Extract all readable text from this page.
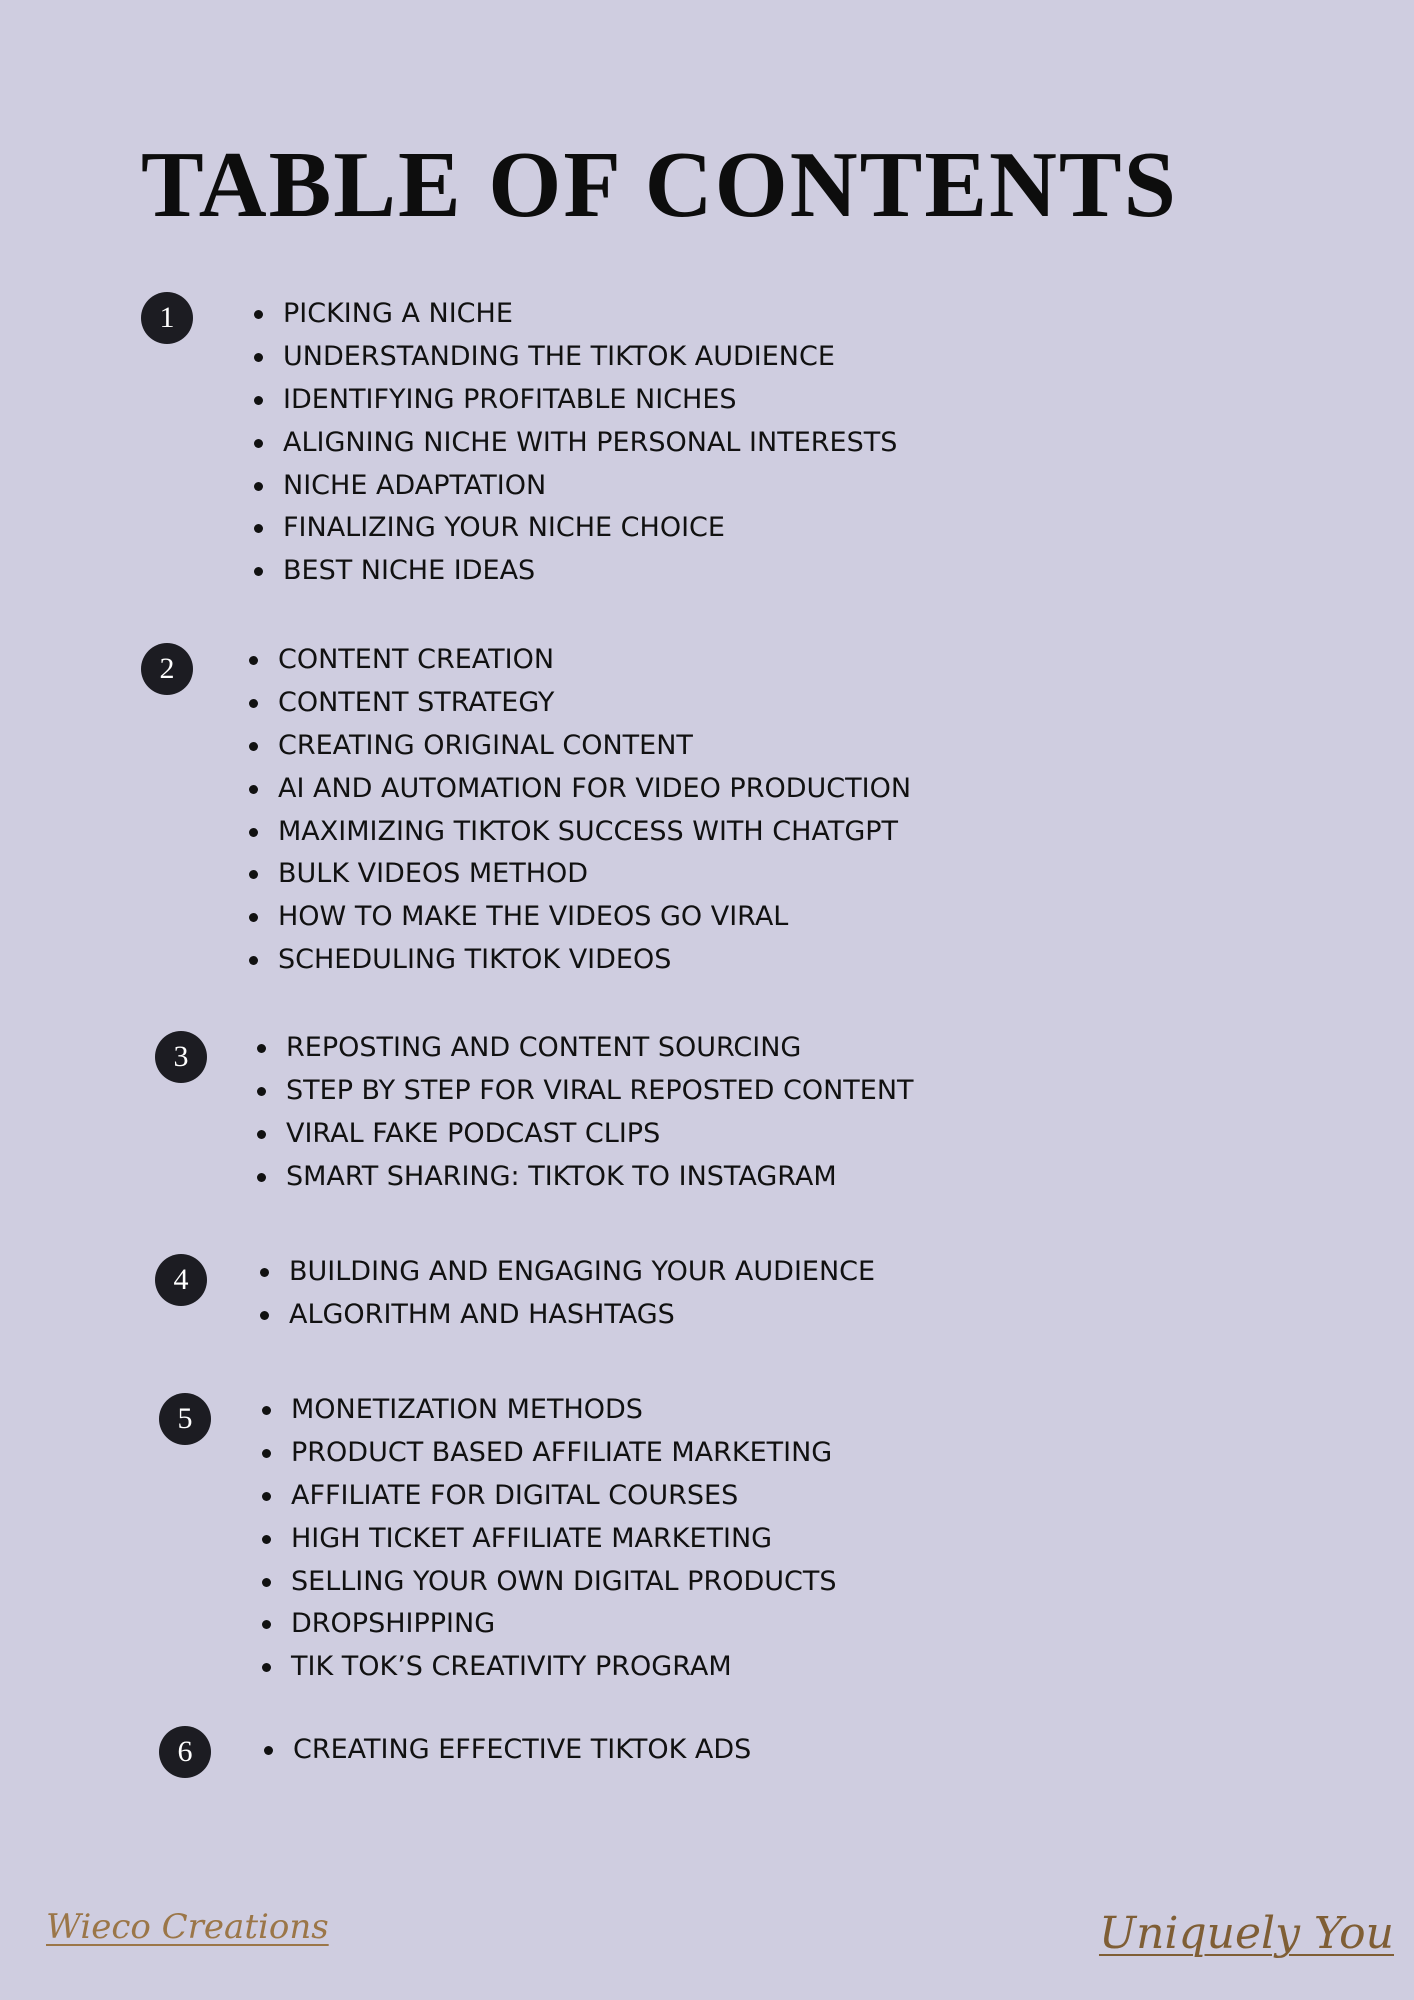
TABLE OF CONTENTS
1	PICKING A NICHE
UNDERSTANDING THE TIKTOK AUDIENCE
IDENTIFYING PROFITABLE NICHES
ALIGNING NICHE WITH PERSONAL INTERESTS
NICHE ADAPTATION
FINALIZING YOUR NICHE CHOICE
BEST NICHE IDEAS
2	CONTENT CREATION
CONTENT STRATEGY
CREATING ORIGINAL CONTENT
AI AND AUTOMATION FOR VIDEO PRODUCTION
MAXIMIZING TIKTOK SUCCESS WITH CHATGPT
BULK VIDEOS METHOD
HOW TO MAKE THE VIDEOS GO VIRAL
SCHEDULING TIKTOK VIDEOS
3	REPOSTING AND CONTENT SOURCING
STEP BY STEP FOR VIRAL REPOSTED CONTENT
VIRAL FAKE PODCAST CLIPS
SMART SHARING: TIKTOK TO INSTAGRAM
4	BUILDING AND ENGAGING YOUR AUDIENCE
ALGORITHM AND HASHTAGS
5	MONETIZATION METHODS
PRODUCT BASED AFFILIATE MARKETING
AFFILIATE FOR DIGITAL COURSES
HIGH TICKET AFFILIATE MARKETING
SELLING YOUR OWN DIGITAL PRODUCTS
DROPSHIPPING
TIK TOK’S CREATIVITY PROGRAM
6	CREATING EFFECTIVE TIKTOK ADS
Wieco Creations	Uniquely You
